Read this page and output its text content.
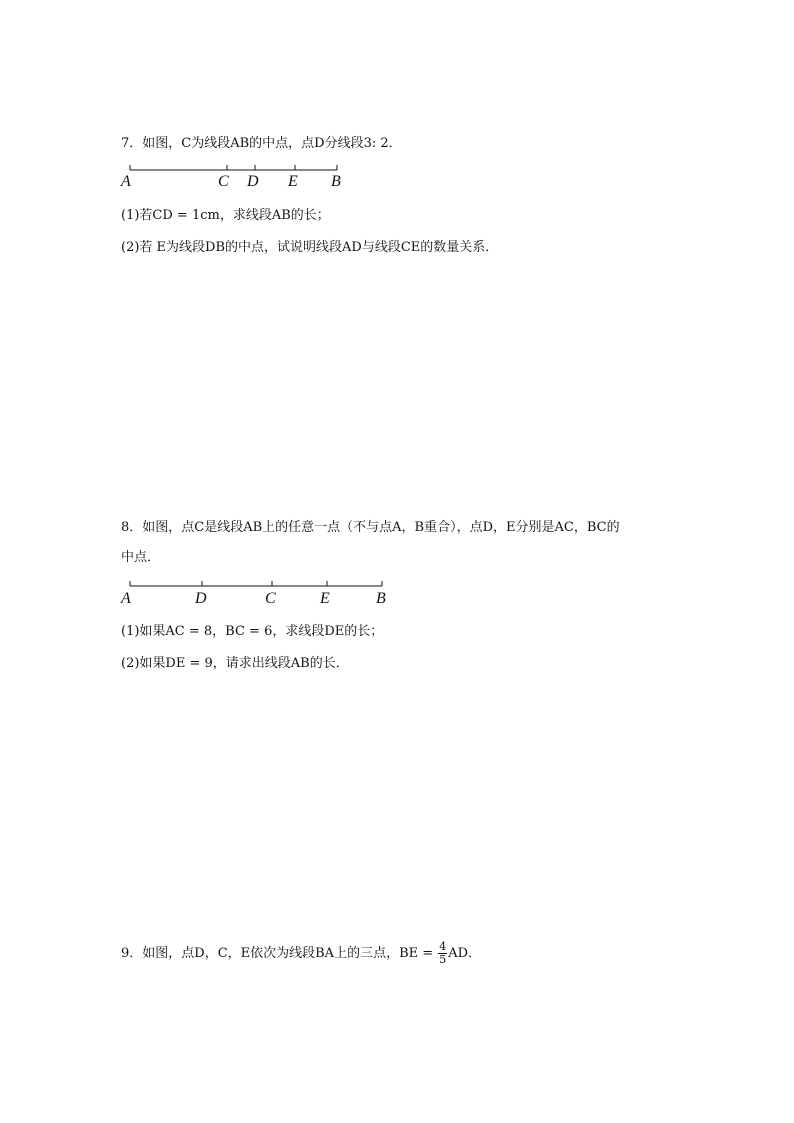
7．如图，C为线段AB的中点，点D分线段3: 2．
A	C D E B
(1)若CD = 1cm，求线段AB的长；
(2)若 E为线段DB的中点，试说明线段AD与线段CE的数量关系．
8．如图，点C是线段AB上的任意一点（不与点A，B重合），点D，E分别是AC，BC的
中点．
A	D	C	E	B
(1)如果AC = 8，BC = 6，求线段DE的长；
(2)如果DE = 9，请求出线段AB的长．
9．如图，点D，C，E依次为线段BA上的三点，BE = $\frac{4}{5}$ AD．
